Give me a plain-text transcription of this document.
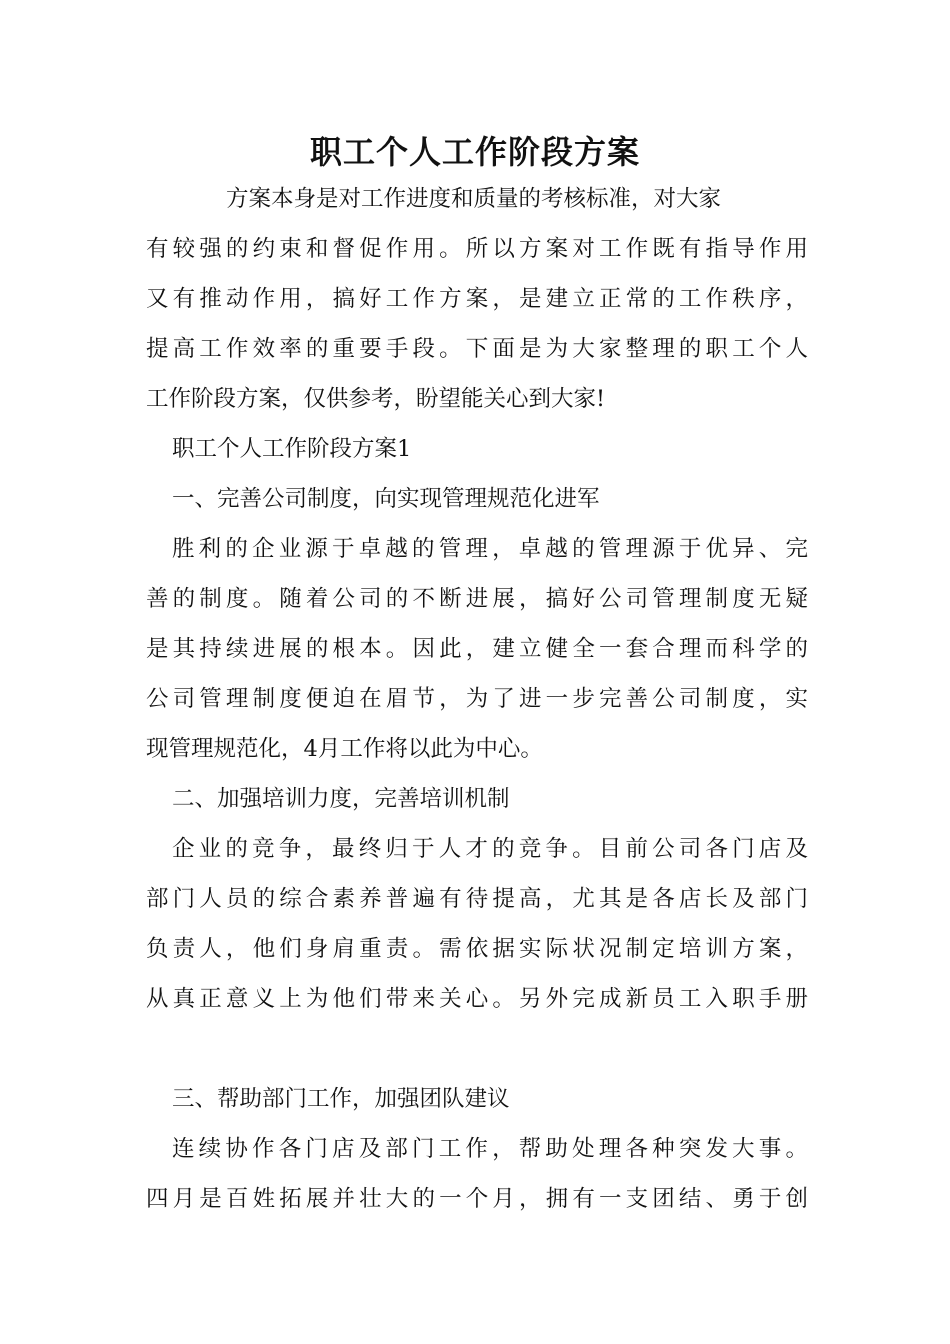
职工个人工作阶段方案
方案本身是对工作进度和质量的考核标准，对大家
有较强的约束和督促作用。所以方案对工作既有指导作用
又有推动作用，搞好工作方案，是建立正常的工作秩序，
提高工作效率的重要手段。下面是为大家整理的职工个人
工作阶段方案，仅供参考，盼望能关心到大家!
职工个人工作阶段方案1
一、完善公司制度，向实现管理规范化进军
胜利的企业源于卓越的管理，卓越的管理源于优异、完
善的制度。随着公司的不断进展，搞好公司管理制度无疑
是其持续进展的根本。因此，建立健全一套合理而科学的
公司管理制度便迫在眉节，为了进一步完善公司制度，实
现管理规范化，4月工作将以此为中心。
二、加强培训力度，完善培训机制
企业的竞争，最终归于人才的竞争。目前公司各门店及
部门人员的综合素养普遍有待提高，尤其是各店长及部门
负责人，他们身肩重责。需依据实际状况制定培训方案，
从真正意义上为他们带来关心。另外完成新员工入职手册
三、帮助部门工作，加强团队建议
连续协作各门店及部门工作，帮助处理各种突发大事。
四月是百姓拓展并壮大的一个月，拥有一支团结、勇于创
